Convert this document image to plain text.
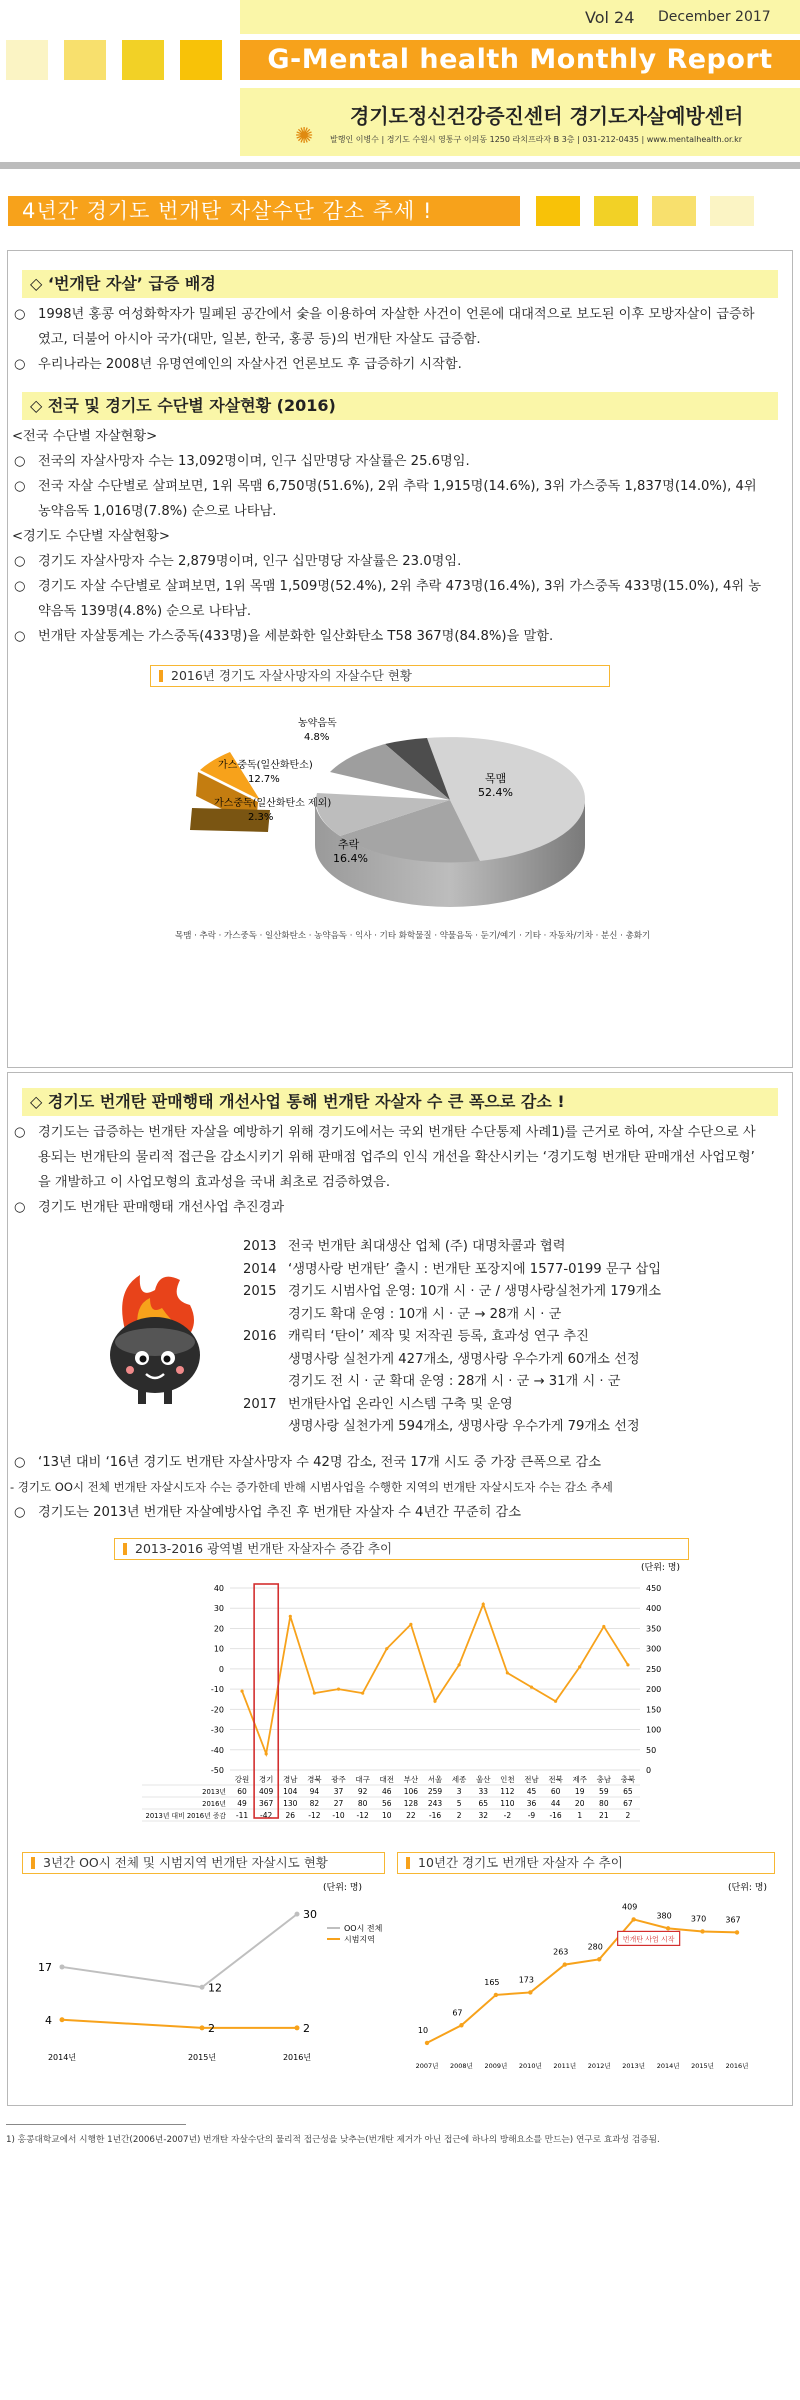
Vol 24 December 2017
G-Mental health Monthly Report
✺
경기도정신건강증진센터 경기도자살예방센터
발행인 이병수 | 경기도 수원시 영통구 이의동 1250 라치프라자 B 3층 | 031-212-0435 | www.mentalhealth.or.kr
4년간 경기도 번개탄 자살수단 감소 추세 !
◇ ‘번개탄 자살’ 급증 배경
○ 1998년 홍콩 여성화학자가 밀폐된 공간에서 숯을 이용하여 자살한 사건이 언론에 대대적으로 보도된 이후 모방자살이 급증하
였고, 더불어 아시아 국가(대만, 일본, 한국, 홍콩 등)의 번개탄 자살도 급증함.
○ 우리나라는 2008년 유명연예인의 자살사건 언론보도 후 급증하기 시작함.
◇ 전국 및 경기도 수단별 자살현황 (2016)
<전국 수단별 자살현황>
○ 전국의 자살사망자 수는 13,092명이며, 인구 십만명당 자살률은 25.6명임.
○ 전국 자살 수단별로 살펴보면, 1위 목맴 6,750명(51.6%), 2위 추락 1,915명(14.6%), 3위 가스중독 1,837명(14.0%), 4위
농약음독 1,016명(7.8%) 순으로 나타남.
<경기도 수단별 자살현황>
○ 경기도 자살사망자 수는 2,879명이며, 인구 십만명당 자살률은 23.0명임.
○ 경기도 자살 수단별로 살펴보면, 1위 목맴 1,509명(52.4%), 2위 추락 473명(16.4%), 3위 가스중독 433명(15.0%), 4위 농
약음독 139명(4.8%) 순으로 나타남.
○ 번개탄 자살통계는 가스중독(433명)을 세분화한 일산화탄소 T58 367명(84.8%)을 말함.
2016년 경기도 자살사망자의 자살수단 현황
목맴
52.4%
추락
16.4%
농약음독
4.8%
가스중독(일산화탄소)
12.7%
가스중독(일산화탄소 제외)
2.3%
목맴 · 추락 · 가스중독 · 일산화탄소 · 농약음독 · 익사 · 기타 화학물질 · 약물음독 · 둔기/예기 · 기타 · 자동차/기차 · 분신 · 총화기
◇ 경기도 번개탄 판매행태 개선사업 통해 번개탄 자살자 수 큰 폭으로 감소 !
○ 경기도는 급증하는 번개탄 자살을 예방하기 위해 경기도에서는 국외 번개탄 수단통제 사례1)를 근거로 하여, 자살 수단으로 사
용되는 번개탄의 물리적 접근을 감소시키기 위해 판매점 업주의 인식 개선을 확산시키는 ‘경기도형 번개탄 판매개선 사업모형’
을 개발하고 이 사업모형의 효과성을 국내 최초로 검증하였음.
○ 경기도 번개탄 판매행태 개선사업 추진경과
2013 전국 번개탄 최대생산 업체 (주) 대명차콜과 협력
2014 ‘생명사랑 번개탄’ 출시 : 번개탄 포장지에 1577-0199 문구 삽입
2015 경기도 시범사업 운영: 10개 시 · 군 / 생명사랑실천가게 179개소
경기도 확대 운영 : 10개 시 · 군 → 28개 시 · 군
2016 캐릭터 ‘탄이’ 제작 및 저작권 등록, 효과성 연구 추진
생명사랑 실천가게 427개소, 생명사랑 우수가게 60개소 선정
경기도 전 시 · 군 확대 운영 : 28개 시 · 군 → 31개 시 · 군
2017 번개탄사업 온라인 시스템 구축 및 운영
생명사랑 실천가게 594개소, 생명사랑 우수가게 79개소 선정
○ ‘13년 대비 ‘16년 경기도 번개탄 자살사망자 수 42명 감소, 전국 17개 시도 중 가장 큰폭으로 감소
- 경기도 OO시 전체 번개탄 자살시도자 수는 증가한데 반해 시범사업을 수행한 지역의 번개탄 자살시도자 수는 감소 추세
○ 경기도는 2013년 번개탄 자살예방사업 추진 후 번개탄 자살자 수 4년간 꾸준히 감소
2013-2016 광역별 번개탄 자살자수 증감 추이
(단위: 명)
40
30
20
10
0
-10
-20
-30
-40
-50
450
400
350
300
250
200
150
100
50
0
강원 경기 경남 경북 광주 대구 대전 부산 서울 세종 울산 인천 전남 전북 제주 충남 충북
2013년 60 409 104 94 37 92 46 106 259 3 33 112 45 60 19 59 65
2016년 49 367 130 82 27 80 56 128 243 5 65 110 36 44 20 80 67
2013년 대비 2016년 증감 -11 -42 26 -12 -10 -12 10 22 -16 2 32 -2 -9 -16 1 21 2
3년간 OO시 전체 및 시범지역 번개탄 자살시도 현황
(단위: 명)
17
12
30
OO시 전체
4
2	2
시범지역
2014년	2015년	2016년
10년간 경기도 번개탄 자살자 수 추이
(단위: 명)
10
67
165 173
263
280
409
380 370 367
2007년 2008년 2009년 2010년 2011년 2012년 2013년 2014년 2015년 2016년
번개탄 사업 시작
1) 홍콩대학교에서 시행한 1년간(2006년-2007년) 번개탄 자살수단의 물리적 접근성을 낮추는(번개탄 제거가 아닌 접근에 하나의 방해요소를 만드는) 연구로 효과성 검증됨.
